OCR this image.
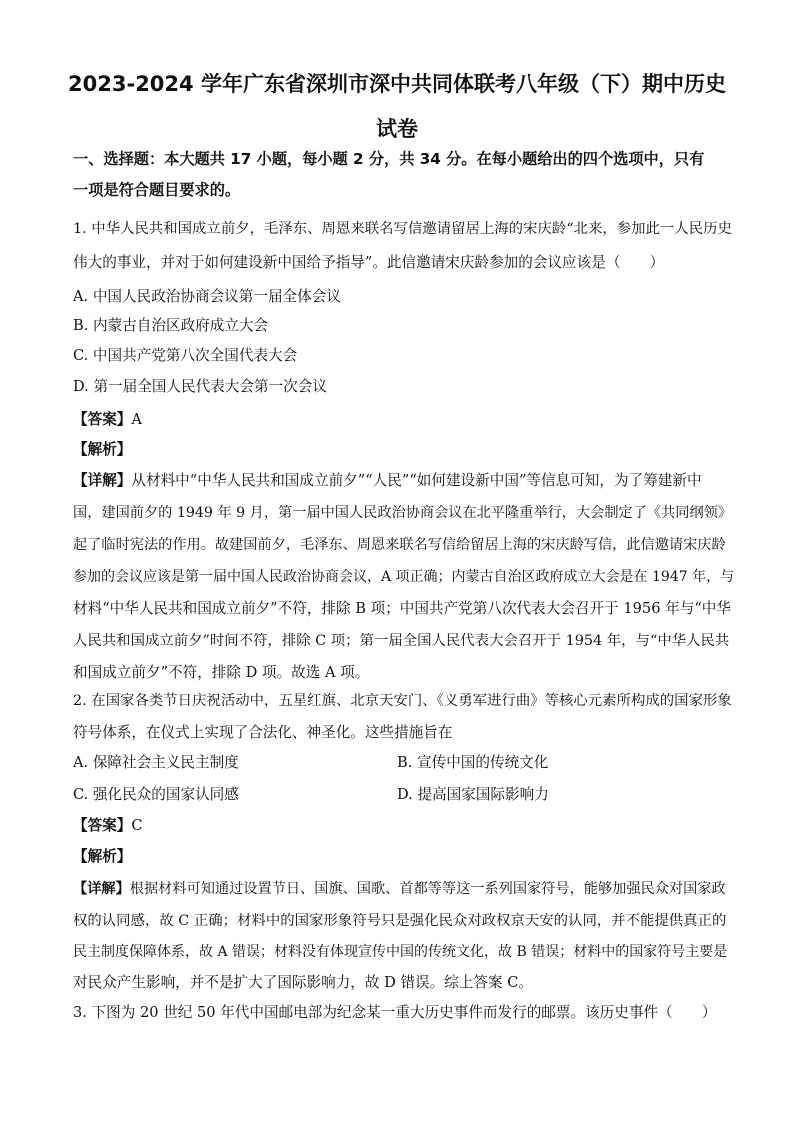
2023-2024 学年广东省深圳市深中共同体联考八年级（下）期中历史
试卷
一、选择题：本大题共 17 小题，每小题 2 分，共 34 分。在每小题给出的四个选项中，只有
一项是符合题目要求的。
1. 中华人民共和国成立前夕，毛泽东、周恩来联名写信邀请留居上海的宋庆龄“北来，参加此一人民历史
伟大的事业，并对于如何建设新中国给予指导”。此信邀请宋庆龄参加的会议应该是（　　）
A. 中国人民政治协商会议第一届全体会议
B. 内蒙古自治区政府成立大会
C. 中国共产党第八次全国代表大会
D. 第一届全国人民代表大会第一次会议
【答案】A
【解析】
【详解】从材料中“中华人民共和国成立前夕”“人民”“如何建设新中国”等信息可知，为了筹建新中
国，建国前夕的 1949 年 9 月，第一届中国人民政治协商会议在北平隆重举行，大会制定了《共同纲领》
起了临时宪法的作用。故建国前夕，毛泽东、周恩来联名写信给留居上海的宋庆龄写信，此信邀请宋庆龄
参加的会议应该是第一届中国人民政治协商会议，A 项正确；内蒙古自治区政府成立大会是在 1947 年，与
材料“中华人民共和国成立前夕”不符，排除 B 项；中国共产党第八次代表大会召开于 1956 年与“中华
人民共和国成立前夕”时间不符，排除 C 项；第一届全国人民代表大会召开于 1954 年，与“中华人民共
和国成立前夕”不符，排除 D 项。故选 A 项。
2. 在国家各类节日庆祝活动中，五星红旗、北京天安门、《义勇军进行曲》等核心元素所构成的国家形象
符号体系，在仪式上实现了合法化、神圣化。这些措施旨在
A. 保障社会主义民主制度	B. 宣传中国的传统文化
C. 强化民众的国家认同感	D. 提高国家国际影响力
【答案】C
【解析】
【详解】根据材料可知通过设置节日、国旗、国歌、首都等等这一系列国家符号，能够加强民众对国家政
权的认同感，故 C 正确；材料中的国家形象符号只是强化民众对政权京天安的认同，并不能提供真正的
民主制度保障体系，故 A 错误；材料没有体现宣传中国的传统文化，故 B 错误；材料中的国家符号主要是
对民众产生影响，并不是扩大了国际影响力，故 D 错误。综上答案 C。
3. 下图为 20 世纪 50 年代中国邮电部为纪念某一重大历史事件而发行的邮票。该历史事件（　　）
